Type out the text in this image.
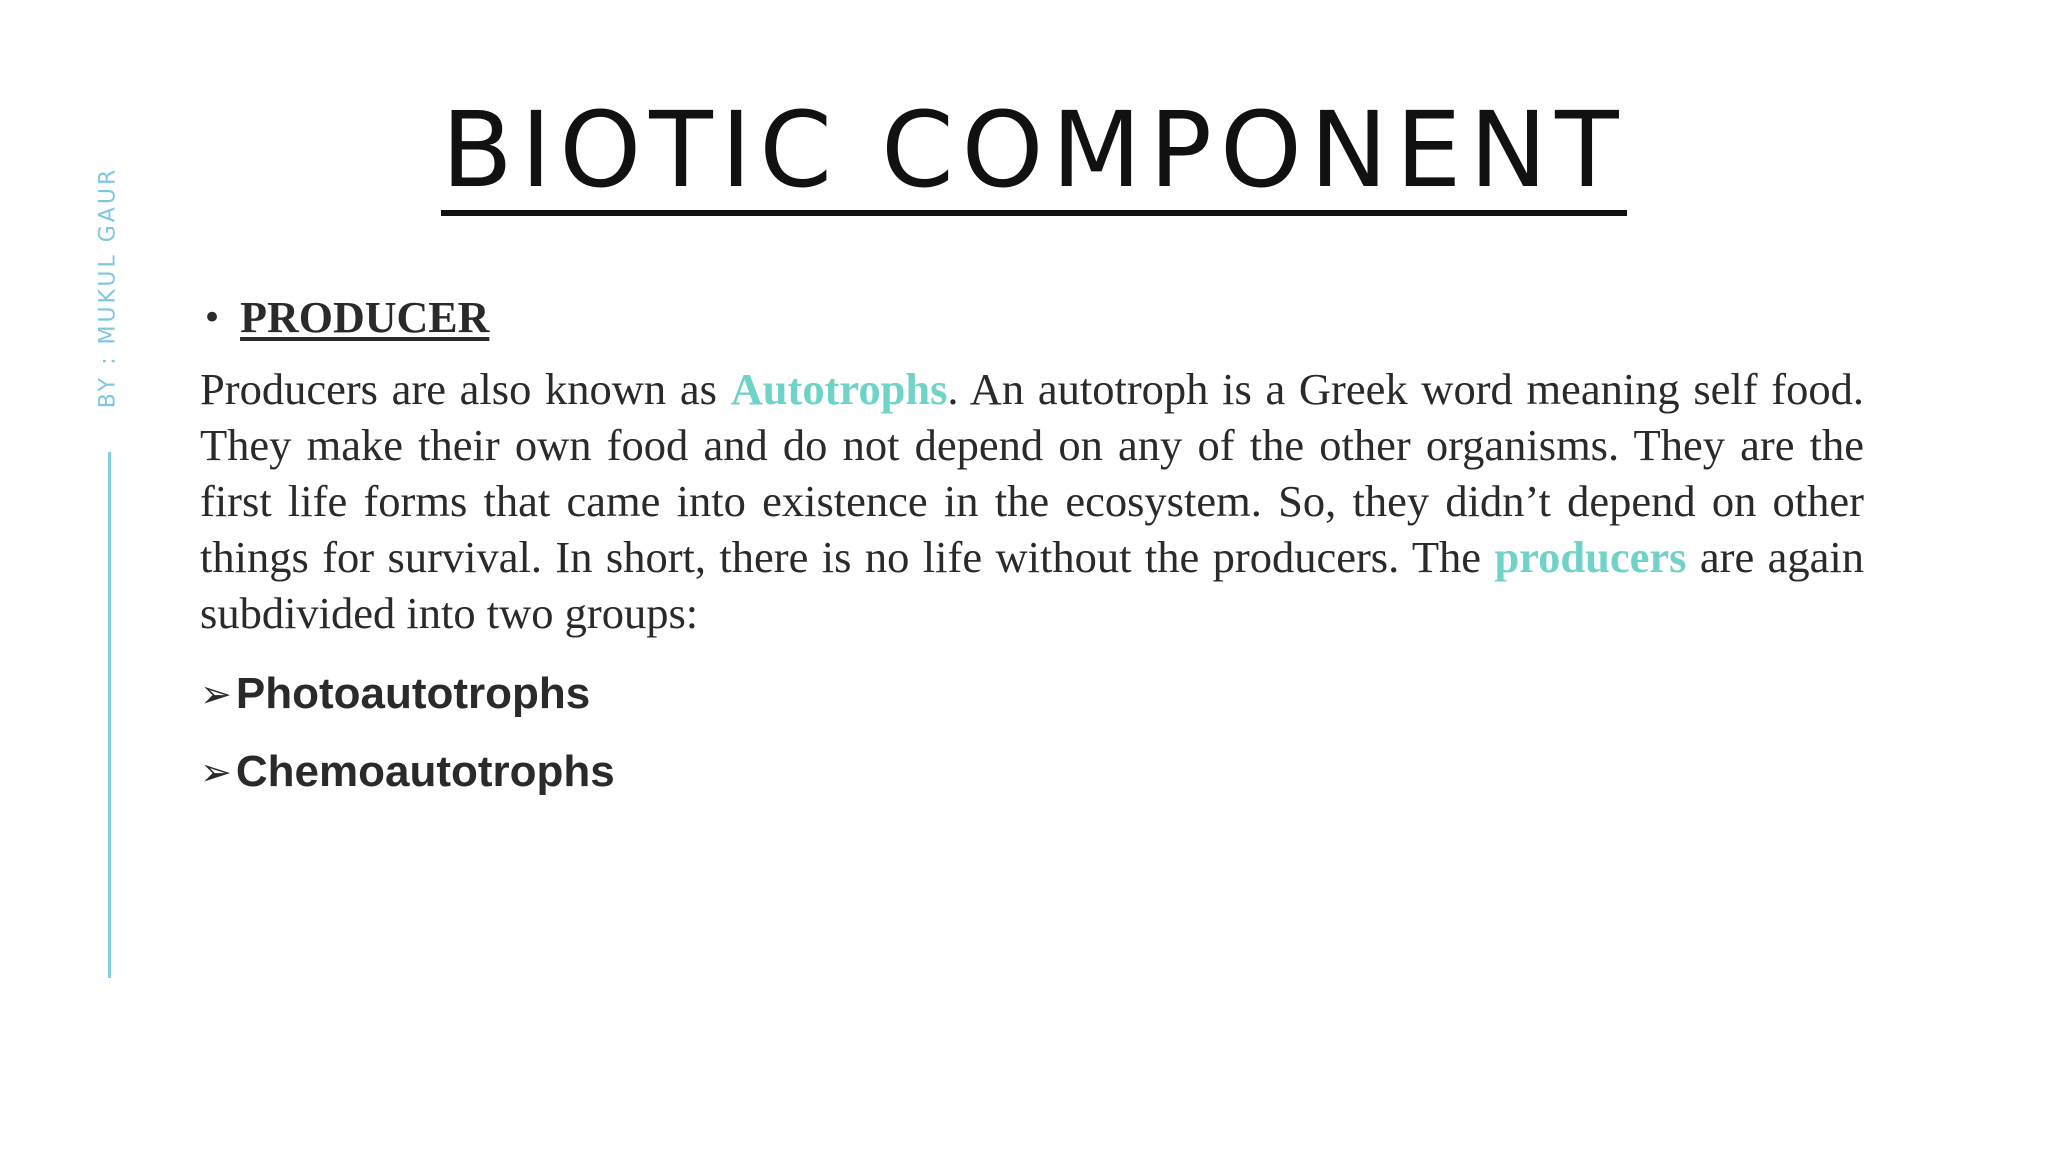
BY : MUKUL GAUR
BIOTIC COMPONENT
• PRODUCER

Producers are also known as Autotrophs. An autotroph is a Greek word meaning self food. They make their own food and do not depend on any of the other organisms. They are the first life forms that came into existence in the ecosystem. So, they didn’t depend on other things for survival. In short, there is no life without the producers. The producers are again subdivided into two groups:

➢ Photoautotrophs
➢ Chemoautotrophs
